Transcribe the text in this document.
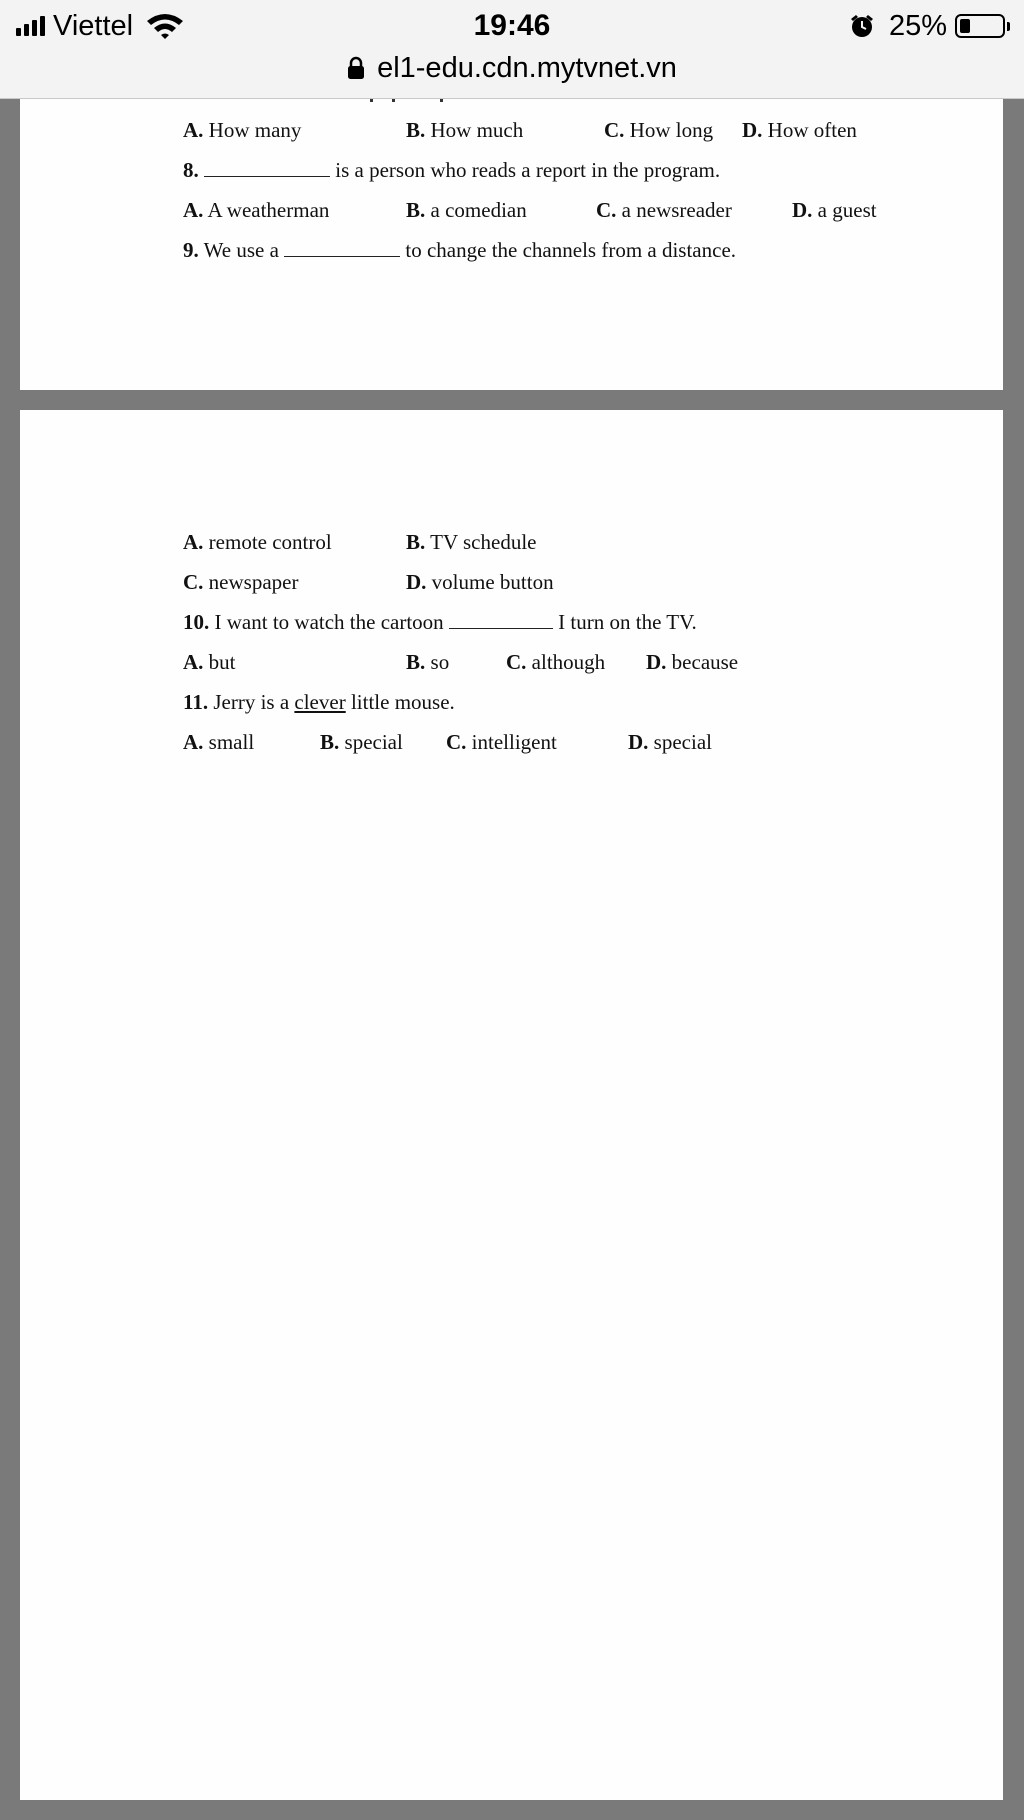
Viettel	19:46	25%
el1-edu.cdn.mytvnet.vn
A. How many	B. How much	C. How long D. How often
8.	is a person who reads a report in the program.
A. A weatherman	B. a comedian	C. a newsreader	D. a guest
9. We use a	to change the channels from a distance.
A. remote control	B. TV schedule
C. newspaper	D. volume button
10. I want to watch the cartoon	I turn on the TV.
A. but	B. so	C. although D. because
11. Jerry is a clever little mouse.
A. small	B. special C. intelligent	D. special
